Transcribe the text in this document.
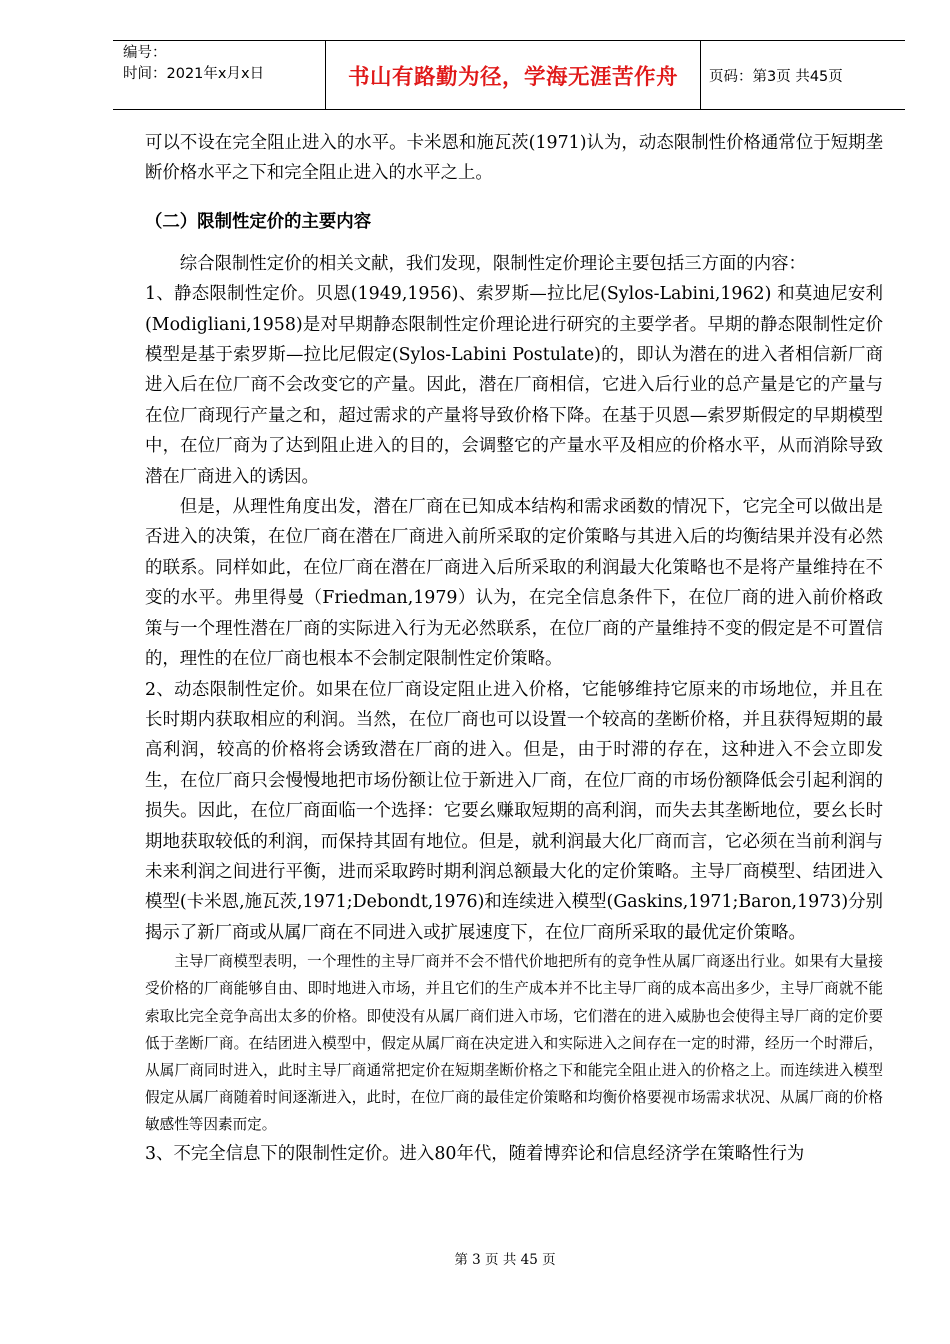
编号：
时间：2021年x月x日	书山有路勤为径，学海无涯苦作舟	页码：第3页 共45页

可以不设在完全阻止进入的水平。卡米恩和施瓦茨(1971)认为，动态限制性价格通常位于短期垄断价格水平之下和完全阻止进入的水平之上。

（二）限制性定价的主要内容

综合限制性定价的相关文献，我们发现，限制性定价理论主要包括三方面的内容：

1、静态限制性定价。贝恩(1949,1956)、索罗斯—拉比尼(Sylos-Labini,1962) 和莫迪尼安利(Modigliani,1958)是对早期静态限制性定价理论进行研究的主要学者。早期的静态限制性定价模型是基于索罗斯—拉比尼假定(Sylos-Labini Postulate)的，即认为潜在的进入者相信新厂商进入后在位厂商不会改变它的产量。因此，潜在厂商相信，它进入后行业的总产量是它的产量与在位厂商现行产量之和，超过需求的产量将导致价格下降。在基于贝恩—索罗斯假定的早期模型中，在位厂商为了达到阻止进入的目的，会调整它的产量水平及相应的价格水平，从而消除导致潜在厂商进入的诱因。

但是，从理性角度出发，潜在厂商在已知成本结构和需求函数的情况下，它完全可以做出是否进入的决策，在位厂商在潜在厂商进入前所采取的定价策略与其进入后的均衡结果并没有必然的联系。同样如此，在位厂商在潜在厂商进入后所采取的利润最大化策略也不是将产量维持在不变的水平。弗里得曼（Friedman,1979）认为，在完全信息条件下，在位厂商的进入前价格政策与一个理性潜在厂商的实际进入行为无必然联系，在位厂商的产量维持不变的假定是不可置信的，理性的在位厂商也根本不会制定限制性定价策略。

2、动态限制性定价。如果在位厂商设定阻止进入价格，它能够维持它原来的市场地位，并且在长时期内获取相应的利润。当然，在位厂商也可以设置一个较高的垄断价格，并且获得短期的最高利润，较高的价格将会诱致潜在厂商的进入。但是，由于时滞的存在，这种进入不会立即发生，在位厂商只会慢慢地把市场份额让位于新进入厂商，在位厂商的市场份额降低会引起利润的损失。因此，在位厂商面临一个选择：它要幺赚取短期的高利润，而失去其垄断地位，要幺长时期地获取较低的利润，而保持其固有地位。但是，就利润最大化厂商而言，它必须在当前利润与未来利润之间进行平衡，进而采取跨时期利润总额最大化的定价策略。主导厂商模型、结团进入模型(卡米恩,施瓦茨,1971;Debondt,1976)和连续进入模型(Gaskins,1971;Baron,1973)分别揭示了新厂商或从属厂商在不同进入或扩展速度下，在位厂商所采取的最优定价策略。

主导厂商模型表明，一个理性的主导厂商并不会不惜代价地把所有的竞争性从属厂商逐出行业。如果有大量接受价格的厂商能够自由、即时地进入市场，并且它们的生产成本并不比主导厂商的成本高出多少，主导厂商就不能索取比完全竞争高出太多的价格。即使没有从属厂商们进入市场，它们潜在的进入威胁也会使得主导厂商的定价要低于垄断厂商。在结团进入模型中，假定从属厂商在决定进入和实际进入之间存在一定的时滞，经历一个时滞后，从属厂商同时进入，此时主导厂商通常把定价在短期垄断价格之下和能完全阻止进入的价格之上。而连续进入模型假定从属厂商随着时间逐渐进入，此时，在位厂商的最佳定价策略和均衡价格要视市场需求状况、从属厂商的价格敏感性等因素而定。

3、不完全信息下的限制性定价。进入80年代，随着博弈论和信息经济学在策略性行为

第 3 页 共 45 页
